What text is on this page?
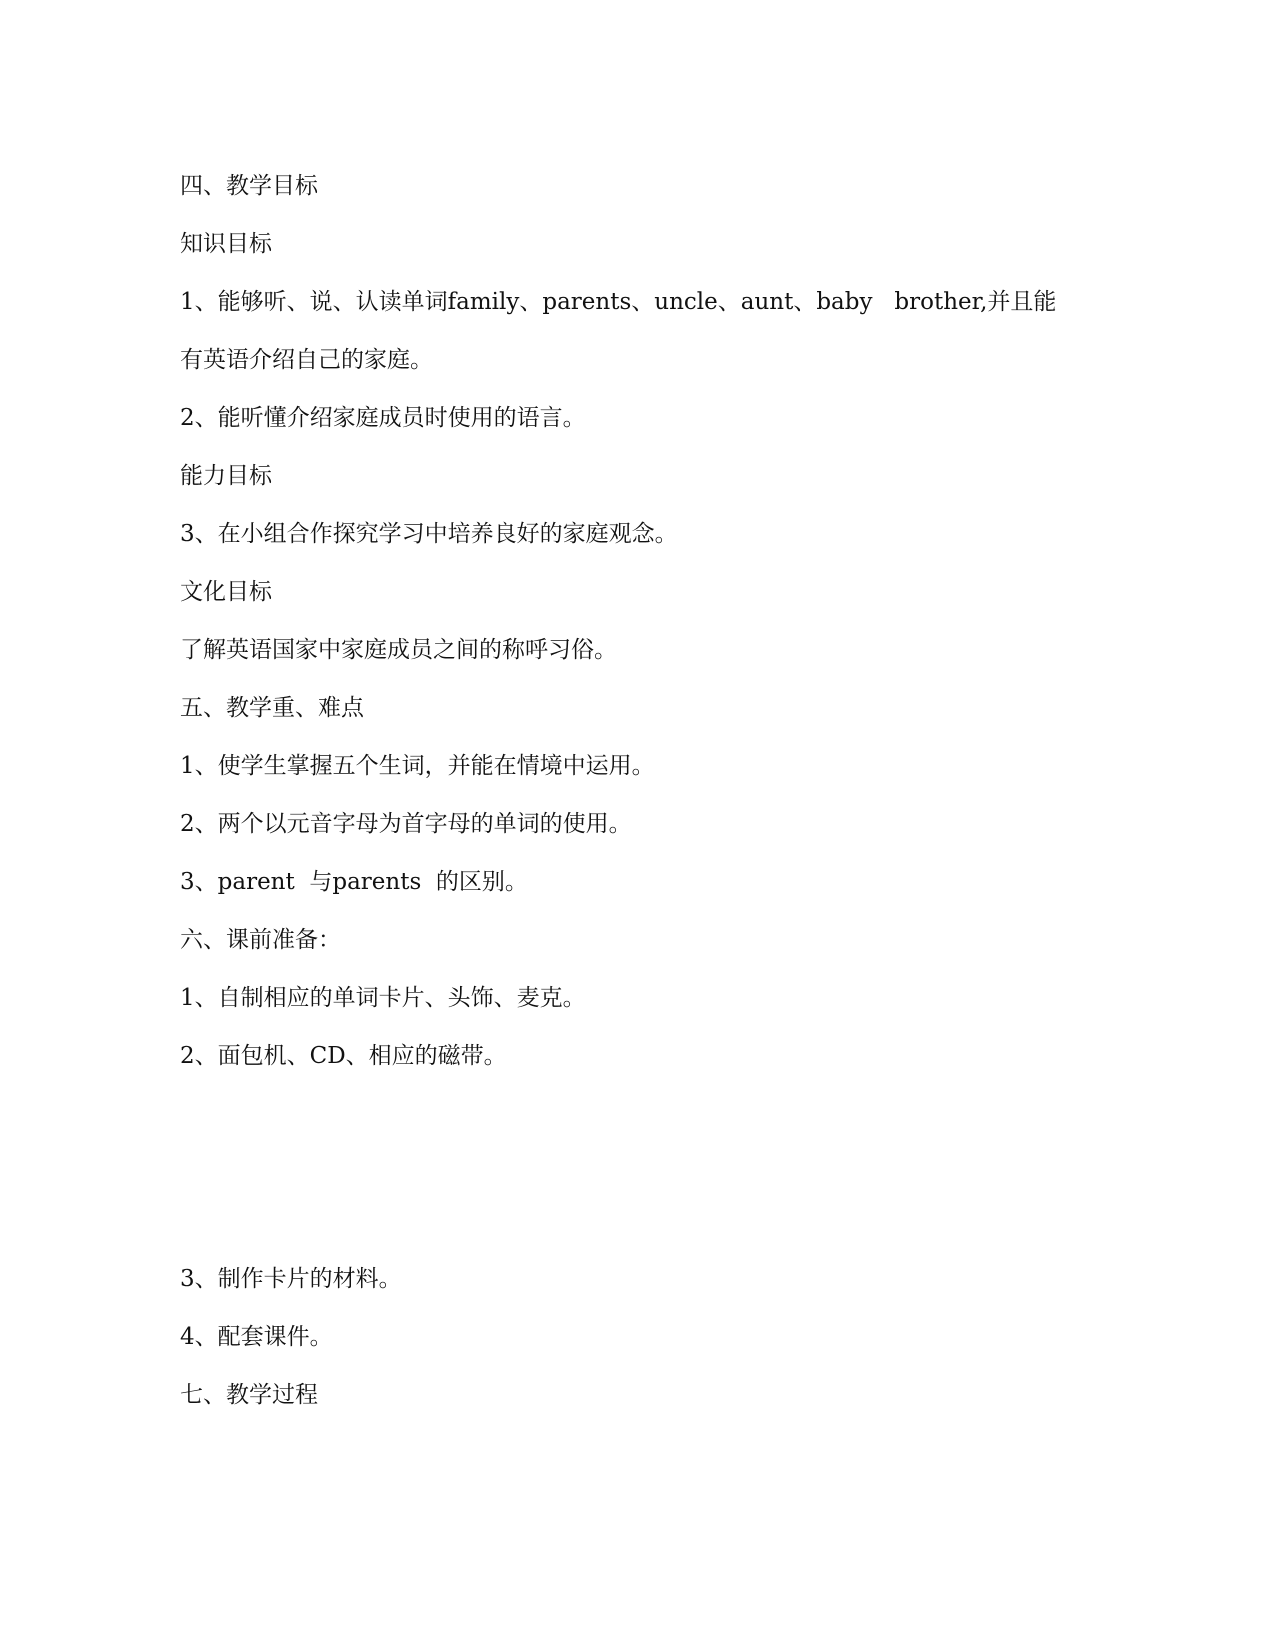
四、教学目标

知识目标

1、能够听、说、认读单词family、parents、uncle、aunt、baby   brother,并且能

有英语介绍自己的家庭。

2、能听懂介绍家庭成员时使用的语言。

能力目标

3、在小组合作探究学习中培养良好的家庭观念。

文化目标

了解英语国家中家庭成员之间的称呼习俗。

五、教学重、难点

1、使学生掌握五个生词，并能在情境中运用。

2、两个以元音字母为首字母的单词的使用。

3、parent  与parents  的区别。

六、课前准备：

1、自制相应的单词卡片、头饰、麦克。

2、面包机、CD、相应的磁带。

3、制作卡片的材料。

4、配套课件。

七、教学过程
